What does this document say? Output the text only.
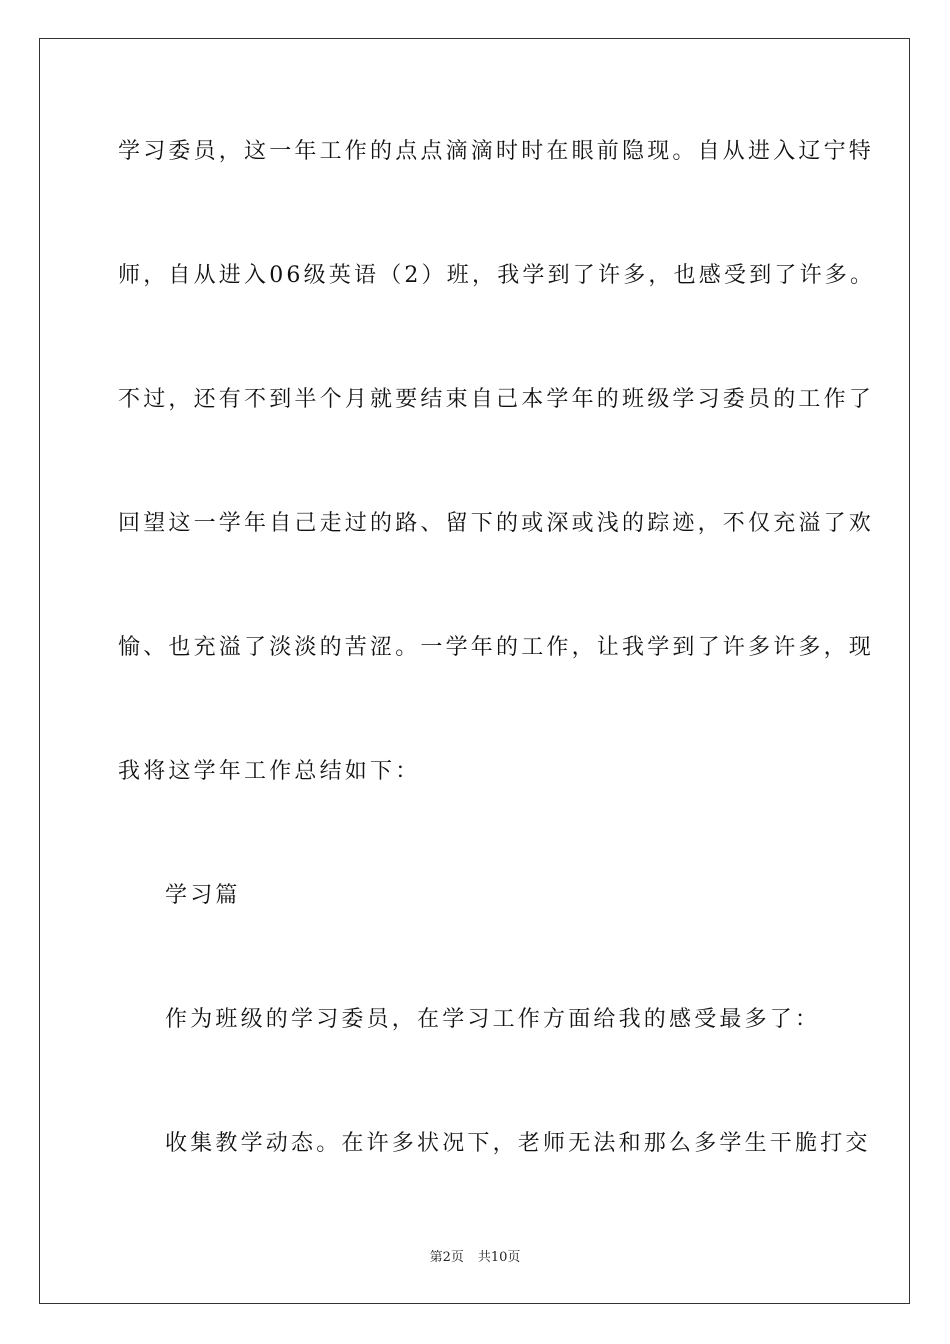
学习委员，这一年工作的点点滴滴时时在眼前隐现。自从进入辽宁特
师，自从进入06级英语（2）班，我学到了许多，也感受到了许多。
不过，还有不到半个月就要结束自己本学年的班级学习委员的工作了
回望这一学年自己走过的路、留下的或深或浅的踪迹，不仅充溢了欢
愉、也充溢了淡淡的苦涩。一学年的工作，让我学到了许多许多，现
我将这学年工作总结如下：
学习篇
作为班级的学习委员，在学习工作方面给我的感受最多了：
收集教学动态。在许多状况下，老师无法和那么多学生干脆打交
第2页 共10页
